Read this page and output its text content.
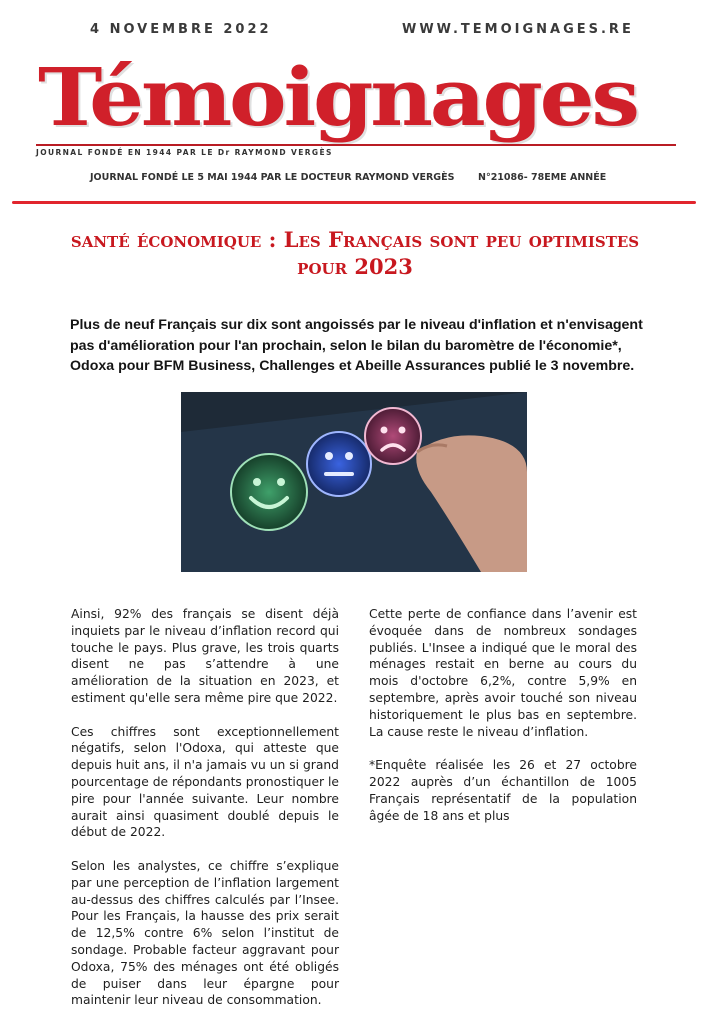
4 NOVEMBRE 2022	WWW.TEMOIGNAGES.RE
Témoignages
JOURNAL FONDÉ EN 1944 PAR LE Dr RAYMOND VERGÈS
JOURNAL FONDÉ LE 5 MAI 1944 PAR LE DOCTEUR RAYMOND VERGÈS N°21086- 78EME ANNÉE
santé économique : Les Français sont peu optimistes pour 2023

Plus de neuf Français sur dix sont angoissés par le niveau d'inflation et n'envisagent pas d'amélioration pour l'an prochain, selon le bilan du baromètre de l'économie*, Odoxa pour BFM Business, Challenges et Abeille Assurances publié le 3 novembre.

Ainsi, 92% des français se disent déjà inquiets par le niveau d’inflation record qui touche le pays. Plus grave, les trois quarts disent ne pas s’attendre à une amélioration de la situation en 2023, et estiment qu'elle sera même pire que 2022.

Ces chiffres sont exceptionnellement négatifs, selon l'Odoxa, qui atteste que depuis huit ans, il n'a jamais vu un si grand pourcentage de répondants pronostiquer le pire pour l'année suivante. Leur nombre aurait ainsi quasiment doublé depuis le début de 2022.

Selon les analystes, ce chiffre s’explique par une perception de l’inflation largement au-dessus des chiffres calculés par l’Insee. Pour les Français, la hausse des prix serait de 12,5% contre 6% selon l’institut de sondage. Probable facteur aggravant pour Odoxa, 75% des ménages ont été obligés de puiser dans leur épargne pour maintenir leur niveau de consommation.

Cette perte de confiance dans l’avenir est évoquée dans de nombreux sondages publiés. L'Insee a indiqué que le moral des ménages restait en berne au cours du mois d'octobre 6,2%, contre 5,9% en septembre, après avoir touché son niveau historiquement le plus bas en septembre. La cause reste le niveau d’inflation.

*Enquête réalisée les 26 et 27 octobre 2022 auprès d’un échantillon de 1005 Français représentatif de la population âgée de 18 ans et plus
